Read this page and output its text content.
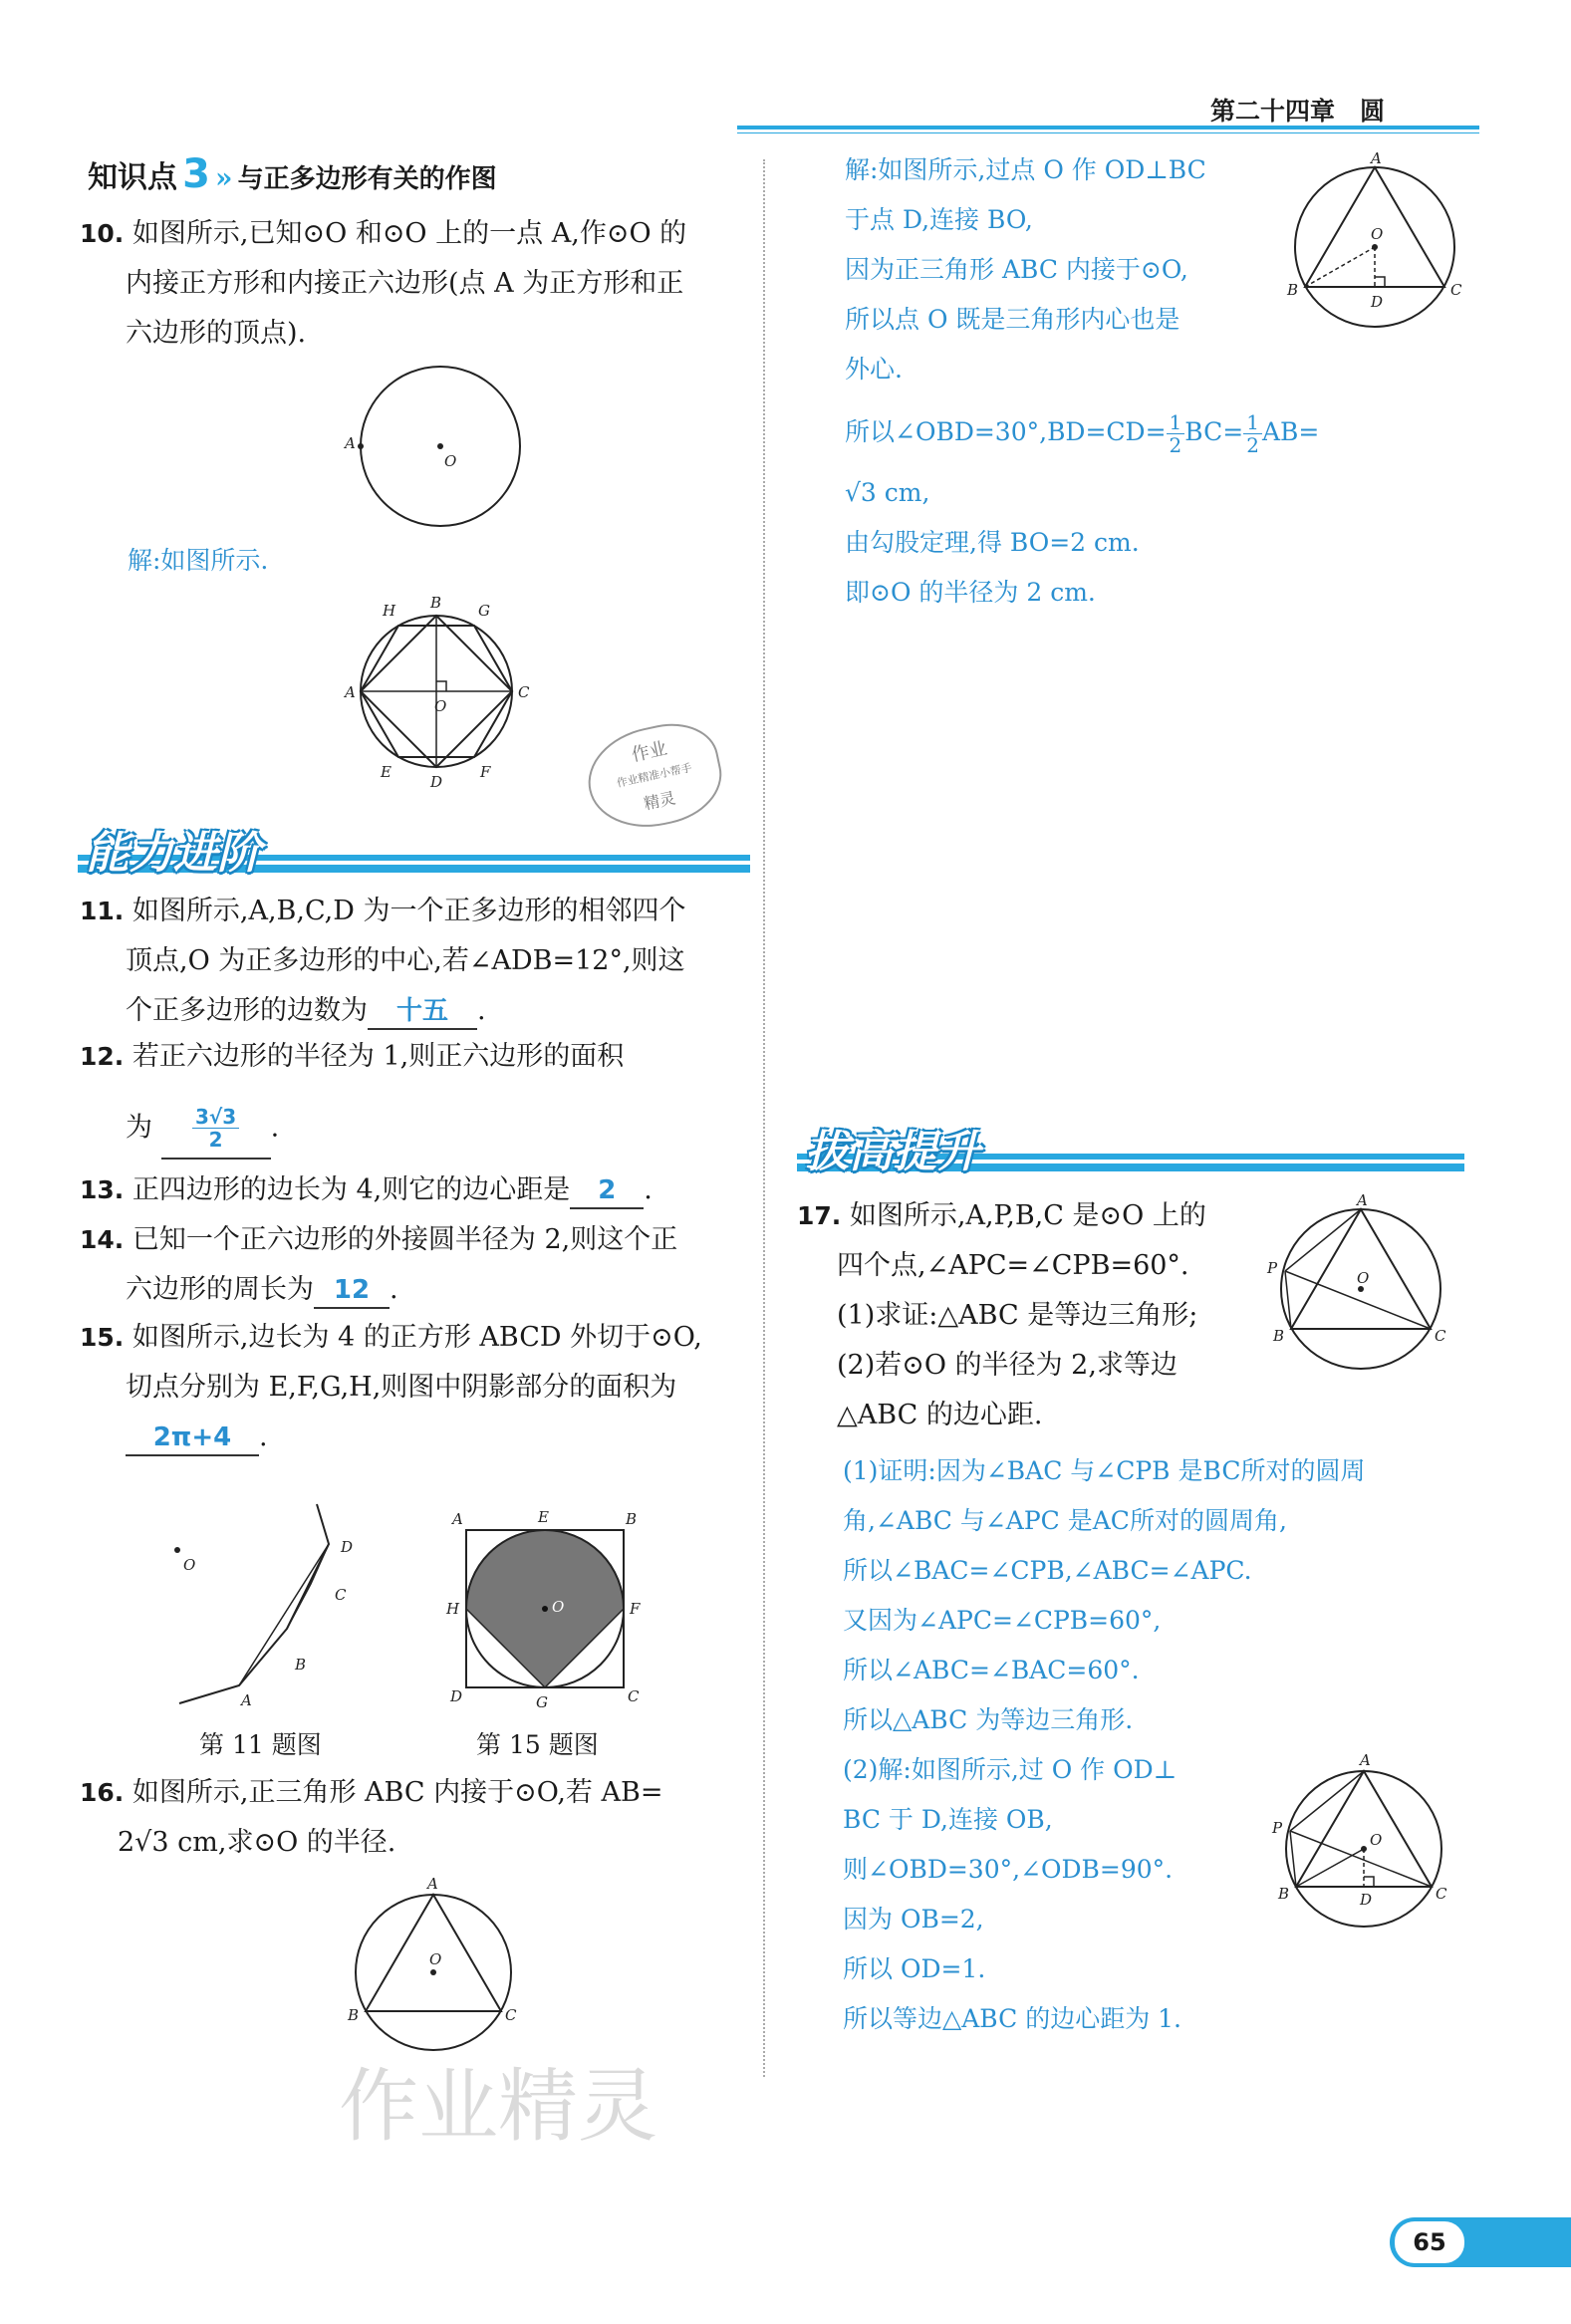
第二十四章　圆
知识点 3 » 与正多边形有关的作图
10. 如图所示,已知⊙O 和⊙O 上的一点 A,作⊙O 的
内接正方形和内接正六边形(点 A 为正方形和正
六边形的顶点).
A
O
解:如图所示.
A	C
B
D
H	G
E	F
O
作业
作业精准小帮手
精灵
能力进阶
11. 如图所示,A,B,C,D 为一个正多边形的相邻四个
顶点,O 为正多边形的中心,若∠ADB=12°,则这
个正多边形的边数为 十五 .
12. 若正六边形的半径为 1,则正六边形的面积
为 $\frac{3√3}{2}$ .
13. 正四边形的边长为 4,则它的边心距是 2 .
14. 已知一个正六边形的外接圆半径为 2,则这个正
六边形的周长为 12 .
15. 如图所示,边长为 4 的正方形 ABCD 外切于⊙O,
切点分别为 E,F,G,H,则图中阴影部分的面积为
2π+4 .
O
A
B
C
D
第 11 题图
O
A	E	B
H	F
D	G	C
第 15 题图
16. 如图所示,正三角形 ABC 内接于⊙O,若 AB=
2√3 cm,求⊙O 的半径.
A
O
B	C
作业精灵
解:如图所示,过点 O 作 OD⊥BC
于点 D,连接 BO,
因为正三角形 ABC 内接于⊙O,
所以点 O 既是三角形内心也是
外心.
所以∠OBD=30°,BD=CD= $\frac{1}{2} BC= \frac{1}{2} AB=$
√3 cm,
由勾股定理,得 BO=2 cm.
即⊙O 的半径为 2 cm.
A
O
B	C
D
拔高提升
17. 如图所示,A,P,B,C 是⊙O 上的
四个点,∠APC=∠CPB=60°.
(1)求证:△ABC 是等边三角形;
(2)若⊙O 的半径为 2,求等边
△ABC 的边心距.
A
O
P
B	C
(1)证明:因为∠BAC 与∠CPB 是BC所对的圆周
角,∠ABC 与∠APC 是AC所对的圆周角,
所以∠BAC=∠CPB,∠ABC=∠APC.
又因为∠APC=∠CPB=60°,
所以∠ABC=∠BAC=60°.
所以△ABC 为等边三角形.
(2)解:如图所示,过 O 作 OD⊥
BC 于 D,连接 OB,
则∠OBD=30°,∠ODB=90°.
因为 OB=2,
所以 OD=1.
所以等边△ABC 的边心距为 1.
A
O
P
B	C
D
65
